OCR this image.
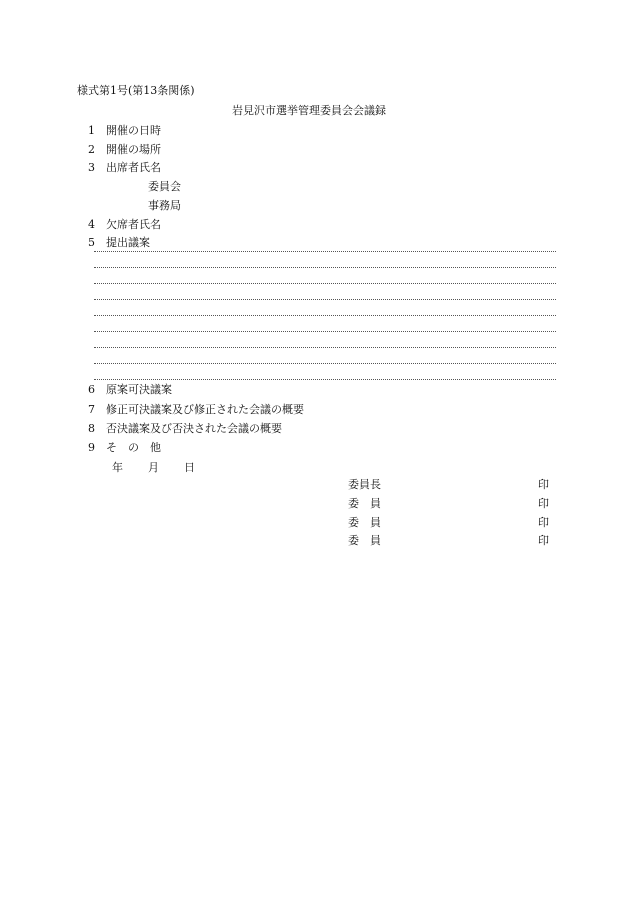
様式第1号(第13条関係)
岩見沢市選挙管理委員会会議録
1 開催の日時
2 開催の場所
3 出席者氏名
委員会
事務局
4 欠席者氏名
5 提出議案
6 原案可決議案
7 修正可決議案及び修正された会議の概要
8 否決議案及び否決された会議の概要
9 そ　の　他
年 月 日
委員長	印
委　員	印
委　員	印
委　員	印
